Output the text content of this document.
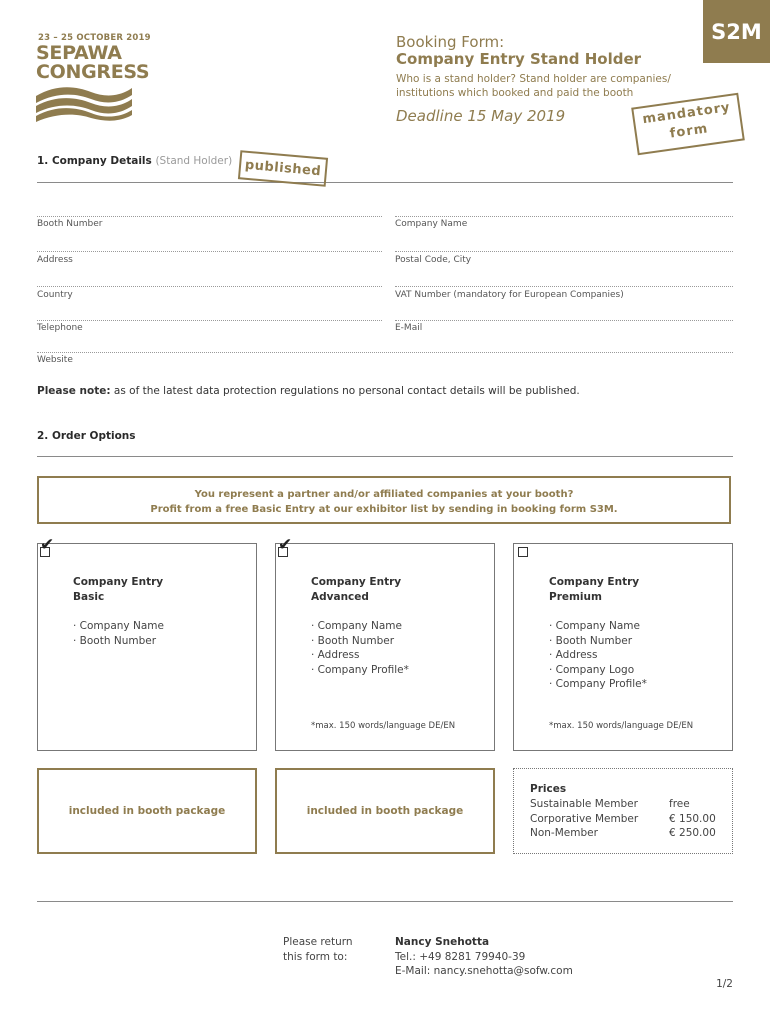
23 – 25 OCTOBER 2019
SEPAWA
CONGRESS
S2M
Booking Form:
Company Entry Stand Holder
Who is a stand holder? Stand holder are companies/
institutions which booked and paid the booth
Deadline 15 May 2019	mandatory
form
1. Company Details (Stand Holder) published
Booth Number	Company Name
Address	Postal Code, City
Country	VAT Number (mandatory for European Companies)
Telephone	E-Mail
Website
Please note: as of the latest data protection regulations no personal contact details will be published.
2. Order Options
You represent a partner and/or affiliated companies at your booth?
Profit from a free Basic Entry at our exhibitor list by sending in booking form S3M.
✔	✔
Company Entry
Basic
· Company Name
· Booth Number
Company Entry
Advanced
· Company Name
· Booth Number
· Address
· Company Profile*
*max. 150 words/language DE/EN
Company Entry
Premium
· Company Name
· Booth Number
· Address
· Company Logo
· Company Profile*
*max. 150 words/language DE/EN
included in booth package	included in booth package
Prices
Sustainable Member	free
Corporative Member	€ 150.00
Non-Member	€ 250.00
Please return
this form to:
Nancy Snehotta
Tel.: +49 8281 79940-39
E-Mail: nancy.snehotta@sofw.com
1/2
